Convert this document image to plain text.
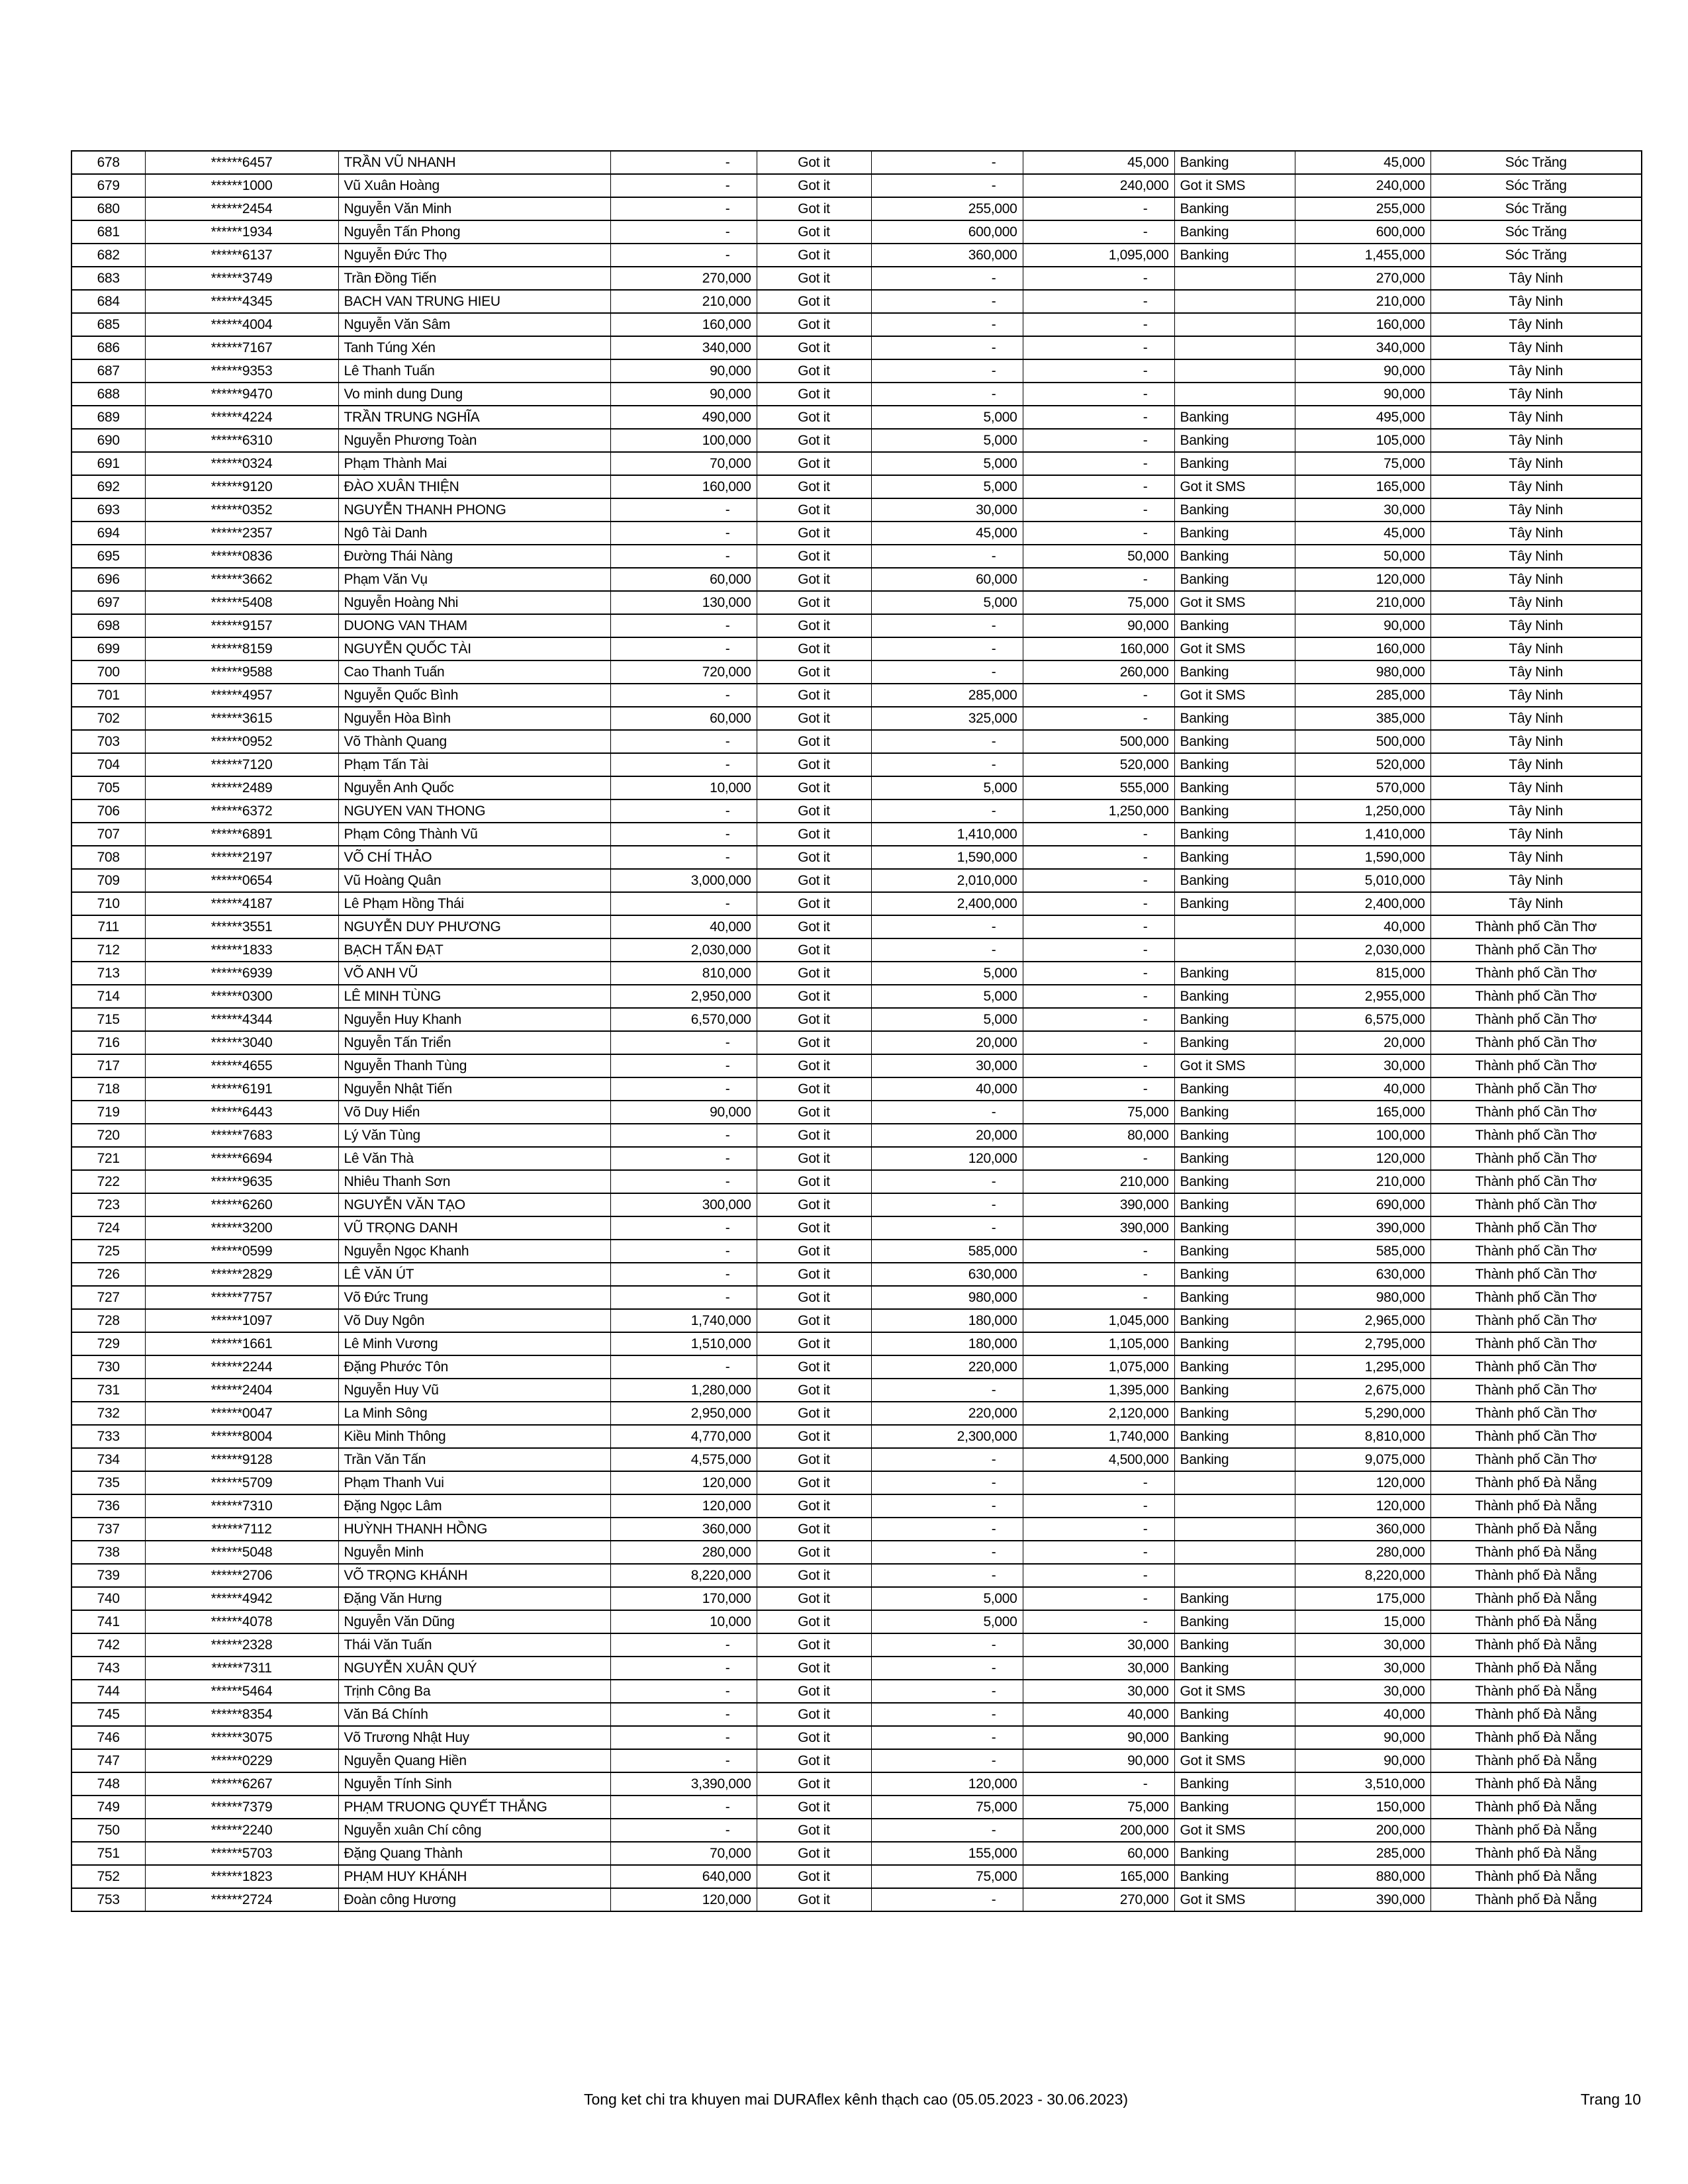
678	******6457	TRẦN VŨ NHANH	-	Got it	-	45,000	Banking	45,000	Sóc Trăng
679	******1000	Vũ Xuân Hoàng	-	Got it	-	240,000	Got it SMS	240,000	Sóc Trăng
680	******2454	Nguyễn Văn Minh	-	Got it	255,000	-	Banking	255,000	Sóc Trăng
681	******1934	Nguyễn Tấn Phong	-	Got it	600,000	-	Banking	600,000	Sóc Trăng
682	******6137	Nguyễn Đức Thọ	-	Got it	360,000	1,095,000	Banking	1,455,000	Sóc Trăng
683	******3749	Trần Đồng Tiến	270,000	Got it	-	-		270,000	Tây Ninh
684	******4345	BACH VAN TRUNG HIEU	210,000	Got it	-	-		210,000	Tây Ninh
685	******4004	Nguyễn Văn Sâm	160,000	Got it	-	-		160,000	Tây Ninh
686	******7167	Tanh Túng Xén	340,000	Got it	-	-		340,000	Tây Ninh
687	******9353	Lê Thanh Tuấn	90,000	Got it	-	-		90,000	Tây Ninh
688	******9470	Vo minh dung Dung	90,000	Got it	-	-		90,000	Tây Ninh
689	******4224	TRẦN TRUNG NGHĨA	490,000	Got it	5,000	-	Banking	495,000	Tây Ninh
690	******6310	Nguyễn Phương Toàn	100,000	Got it	5,000	-	Banking	105,000	Tây Ninh
691	******0324	Phạm Thành Mai	70,000	Got it	5,000	-	Banking	75,000	Tây Ninh
692	******9120	ĐÀO XUÂN THIỆN	160,000	Got it	5,000	-	Got it SMS	165,000	Tây Ninh
693	******0352	NGUYỄN THANH PHONG	-	Got it	30,000	-	Banking	30,000	Tây Ninh
694	******2357	Ngô Tài Danh	-	Got it	45,000	-	Banking	45,000	Tây Ninh
695	******0836	Đường Thái Nàng	-	Got it	-	50,000	Banking	50,000	Tây Ninh
696	******3662	Phạm Văn Vụ	60,000	Got it	60,000	-	Banking	120,000	Tây Ninh
697	******5408	Nguyễn Hoàng Nhi	130,000	Got it	5,000	75,000	Got it SMS	210,000	Tây Ninh
698	******9157	DUONG VAN THAM	-	Got it	-	90,000	Banking	90,000	Tây Ninh
699	******8159	NGUYỄN QUỐC TÀI	-	Got it	-	160,000	Got it SMS	160,000	Tây Ninh
700	******9588	Cao Thanh Tuấn	720,000	Got it	-	260,000	Banking	980,000	Tây Ninh
701	******4957	Nguyễn Quốc Bình	-	Got it	285,000	-	Got it SMS	285,000	Tây Ninh
702	******3615	Nguyễn Hòa Bình	60,000	Got it	325,000	-	Banking	385,000	Tây Ninh
703	******0952	Võ Thành Quang	-	Got it	-	500,000	Banking	500,000	Tây Ninh
704	******7120	Phạm Tấn Tài	-	Got it	-	520,000	Banking	520,000	Tây Ninh
705	******2489	Nguyễn Anh Quốc	10,000	Got it	5,000	555,000	Banking	570,000	Tây Ninh
706	******6372	NGUYEN VAN THONG	-	Got it	-	1,250,000	Banking	1,250,000	Tây Ninh
707	******6891	Phạm Công Thành Vũ	-	Got it	1,410,000	-	Banking	1,410,000	Tây Ninh
708	******2197	VÕ CHÍ THẢO	-	Got it	1,590,000	-	Banking	1,590,000	Tây Ninh
709	******0654	Vũ Hoàng Quân	3,000,000	Got it	2,010,000	-	Banking	5,010,000	Tây Ninh
710	******4187	Lê Phạm Hồng Thái	-	Got it	2,400,000	-	Banking	2,400,000	Tây Ninh
711	******3551	NGUYỄN DUY PHƯƠNG	40,000	Got it	-	-		40,000	Thành phố Cần Thơ
712	******1833	BẠCH TẤN ĐẠT	2,030,000	Got it	-	-		2,030,000	Thành phố Cần Thơ
713	******6939	VÕ ANH VŨ	810,000	Got it	5,000	-	Banking	815,000	Thành phố Cần Thơ
714	******0300	LÊ MINH TÙNG	2,950,000	Got it	5,000	-	Banking	2,955,000	Thành phố Cần Thơ
715	******4344	Nguyễn Huy Khanh	6,570,000	Got it	5,000	-	Banking	6,575,000	Thành phố Cần Thơ
716	******3040	Nguyễn Tấn Triển	-	Got it	20,000	-	Banking	20,000	Thành phố Cần Thơ
717	******4655	Nguyễn Thanh Tùng	-	Got it	30,000	-	Got it SMS	30,000	Thành phố Cần Thơ
718	******6191	Nguyễn Nhật Tiến	-	Got it	40,000	-	Banking	40,000	Thành phố Cần Thơ
719	******6443	Võ Duy Hiển	90,000	Got it	-	75,000	Banking	165,000	Thành phố Cần Thơ
720	******7683	Lý Văn Tùng	-	Got it	20,000	80,000	Banking	100,000	Thành phố Cần Thơ
721	******6694	Lê Văn Thà	-	Got it	120,000	-	Banking	120,000	Thành phố Cần Thơ
722	******9635	Nhiêu Thanh Sơn	-	Got it	-	210,000	Banking	210,000	Thành phố Cần Thơ
723	******6260	NGUYỄN VĂN TẠO	300,000	Got it	-	390,000	Banking	690,000	Thành phố Cần Thơ
724	******3200	VŨ TRỌNG DANH	-	Got it	-	390,000	Banking	390,000	Thành phố Cần Thơ
725	******0599	Nguyễn Ngọc Khanh	-	Got it	585,000	-	Banking	585,000	Thành phố Cần Thơ
726	******2829	LÊ VĂN ÚT	-	Got it	630,000	-	Banking	630,000	Thành phố Cần Thơ
727	******7757	Võ Đức Trung	-	Got it	980,000	-	Banking	980,000	Thành phố Cần Thơ
728	******1097	Võ Duy Ngôn	1,740,000	Got it	180,000	1,045,000	Banking	2,965,000	Thành phố Cần Thơ
729	******1661	Lê Minh Vương	1,510,000	Got it	180,000	1,105,000	Banking	2,795,000	Thành phố Cần Thơ
730	******2244	Đặng Phước Tôn	-	Got it	220,000	1,075,000	Banking	1,295,000	Thành phố Cần Thơ
731	******2404	Nguyễn Huy Vũ	1,280,000	Got it	-	1,395,000	Banking	2,675,000	Thành phố Cần Thơ
732	******0047	La Minh Sông	2,950,000	Got it	220,000	2,120,000	Banking	5,290,000	Thành phố Cần Thơ
733	******8004	Kiều Minh Thông	4,770,000	Got it	2,300,000	1,740,000	Banking	8,810,000	Thành phố Cần Thơ
734	******9128	Trần Văn Tấn	4,575,000	Got it	-	4,500,000	Banking	9,075,000	Thành phố Cần Thơ
735	******5709	Phạm Thanh Vui	120,000	Got it	-	-		120,000	Thành phố Đà Nẵng
736	******7310	Đặng Ngọc Lâm	120,000	Got it	-	-		120,000	Thành phố Đà Nẵng
737	******7112	HUỲNH THANH HỒNG	360,000	Got it	-	-		360,000	Thành phố Đà Nẵng
738	******5048	Nguyễn Minh	280,000	Got it	-	-		280,000	Thành phố Đà Nẵng
739	******2706	VÕ TRỌNG KHÁNH	8,220,000	Got it	-	-		8,220,000	Thành phố Đà Nẵng
740	******4942	Đặng Văn Hưng	170,000	Got it	5,000	-	Banking	175,000	Thành phố Đà Nẵng
741	******4078	Nguyễn Văn Dũng	10,000	Got it	5,000	-	Banking	15,000	Thành phố Đà Nẵng
742	******2328	Thái Văn Tuấn	-	Got it	-	30,000	Banking	30,000	Thành phố Đà Nẵng
743	******7311	NGUYỄN XUÂN QUÝ	-	Got it	-	30,000	Banking	30,000	Thành phố Đà Nẵng
744	******5464	Trịnh Công Ba	-	Got it	-	30,000	Got it SMS	30,000	Thành phố Đà Nẵng
745	******8354	Văn Bá Chính	-	Got it	-	40,000	Banking	40,000	Thành phố Đà Nẵng
746	******3075	Võ Trương Nhật Huy	-	Got it	-	90,000	Banking	90,000	Thành phố Đà Nẵng
747	******0229	Nguyễn Quang Hiền	-	Got it	-	90,000	Got it SMS	90,000	Thành phố Đà Nẵng
748	******6267	Nguyễn Tính Sinh	3,390,000	Got it	120,000	-	Banking	3,510,000	Thành phố Đà Nẵng
749	******7379	PHẠM TRUONG QUYẾT THẮNG	-	Got it	75,000	75,000	Banking	150,000	Thành phố Đà Nẵng
750	******2240	Nguyễn xuân Chí công	-	Got it	-	200,000	Got it SMS	200,000	Thành phố Đà Nẵng
751	******5703	Đặng Quang Thành	70,000	Got it	155,000	60,000	Banking	285,000	Thành phố Đà Nẵng
752	******1823	PHẠM HUY KHÁNH	640,000	Got it	75,000	165,000	Banking	880,000	Thành phố Đà Nẵng
753	******2724	Đoàn công Hương	120,000	Got it	-	270,000	Got it SMS	390,000	Thành phố Đà Nẵng
Tong ket chi tra khuyen mai DURAflex kênh thạch cao (05.05.2023 - 30.06.2023)	Trang 10
